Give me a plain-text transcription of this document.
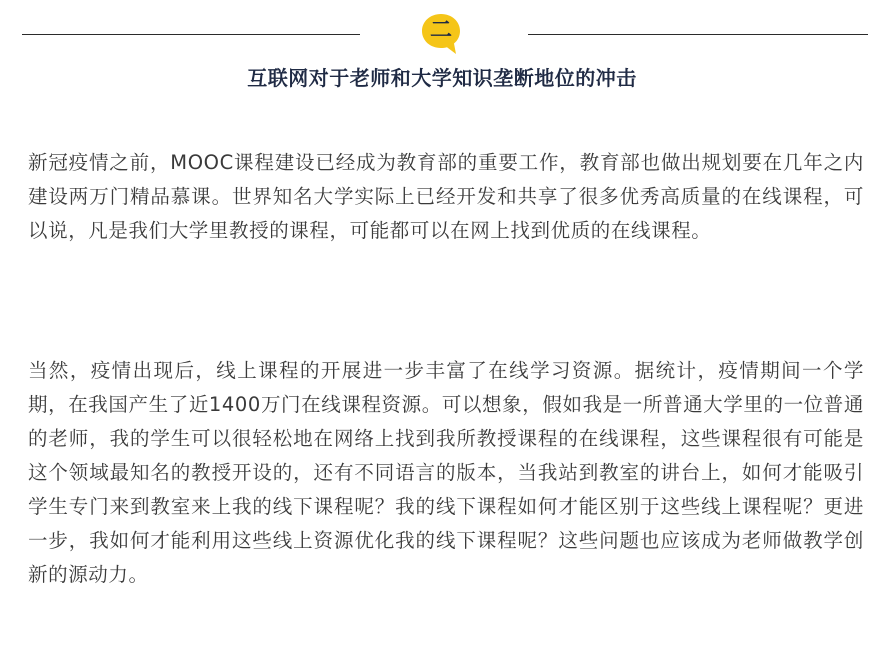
二
互联网对于老师和大学知识垄断地位的冲击

新冠疫情之前，MOOC课程建设已经成为教育部的重要工作，教育部也做出规划要在几年之内建设两万门精品慕课。世界知名大学实际上已经开发和共享了很多优秀高质量的在线课程，可以说，凡是我们大学里教授的课程，可能都可以在网上找到优质的在线课程。

当然，疫情出现后，线上课程的开展进一步丰富了在线学习资源。据统计，疫情期间一个学期，在我国产生了近1400万门在线课程资源。可以想象，假如我是一所普通大学里的一位普通的老师，我的学生可以很轻松地在网络上找到我所教授课程的在线课程，这些课程很有可能是这个领域最知名的教授开设的，还有不同语言的版本，当我站到教室的讲台上，如何才能吸引学生专门来到教室来上我的线下课程呢？我的线下课程如何才能区别于这些线上课程呢？更进一步，我如何才能利用这些线上资源优化我的线下课程呢？这些问题也应该成为老师做教学创新的源动力。
